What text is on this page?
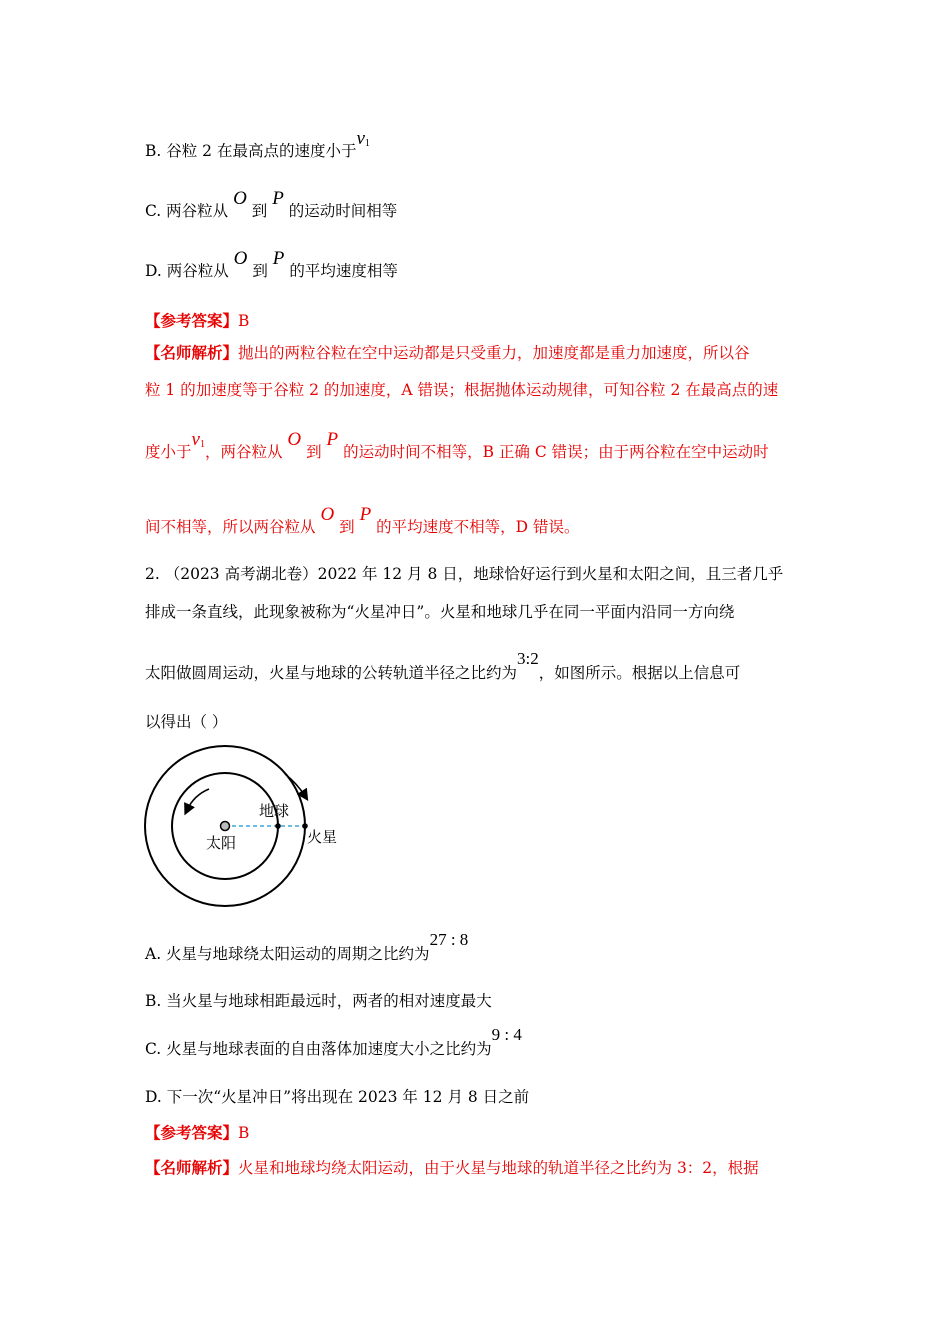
B. 谷粒 2 在最高点的速度小于v1
C. 两谷粒从 O 到 P 的运动时间相等
D. 两谷粒从 O 到 P 的平均速度相等
【参考答案】B
【名师解析】抛出的两粒谷粒在空中运动都是只受重力，加速度都是重力加速度，所以谷
粒 1 的加速度等于谷粒 2 的加速度，A 错误；根据抛体运动规律，可知谷粒 2 在最高点的速
度小于v1，两谷粒从 O 到 P 的运动时间不相等，B 正确 C 错误；由于两谷粒在空中运动时
间不相等，所以两谷粒从 O 到 P 的平均速度不相等，D 错误。
2. （2023 高考湖北卷）2022 年 12 月 8 日，地球恰好运行到火星和太阳之间，且三者几乎
排成一条直线，此现象被称为“火星冲日”。火星和地球几乎在同一平面内沿同一方向绕
太阳做圆周运动，火星与地球的公转轨道半径之比约为3:2，如图所示。根据以上信息可
以得出（ ）
地球
太阳	火星
A. 火星与地球绕太阳运动的周期之比约为27 : 8
B. 当火星与地球相距最远时，两者的相对速度最大
C. 火星与地球表面的自由落体加速度大小之比约为9 : 4
D. 下一次“火星冲日”将出现在 2023 年 12 月 8 日之前
【参考答案】B
【名师解析】火星和地球均绕太阳运动，由于火星与地球的轨道半径之比约为 3：2，根据
